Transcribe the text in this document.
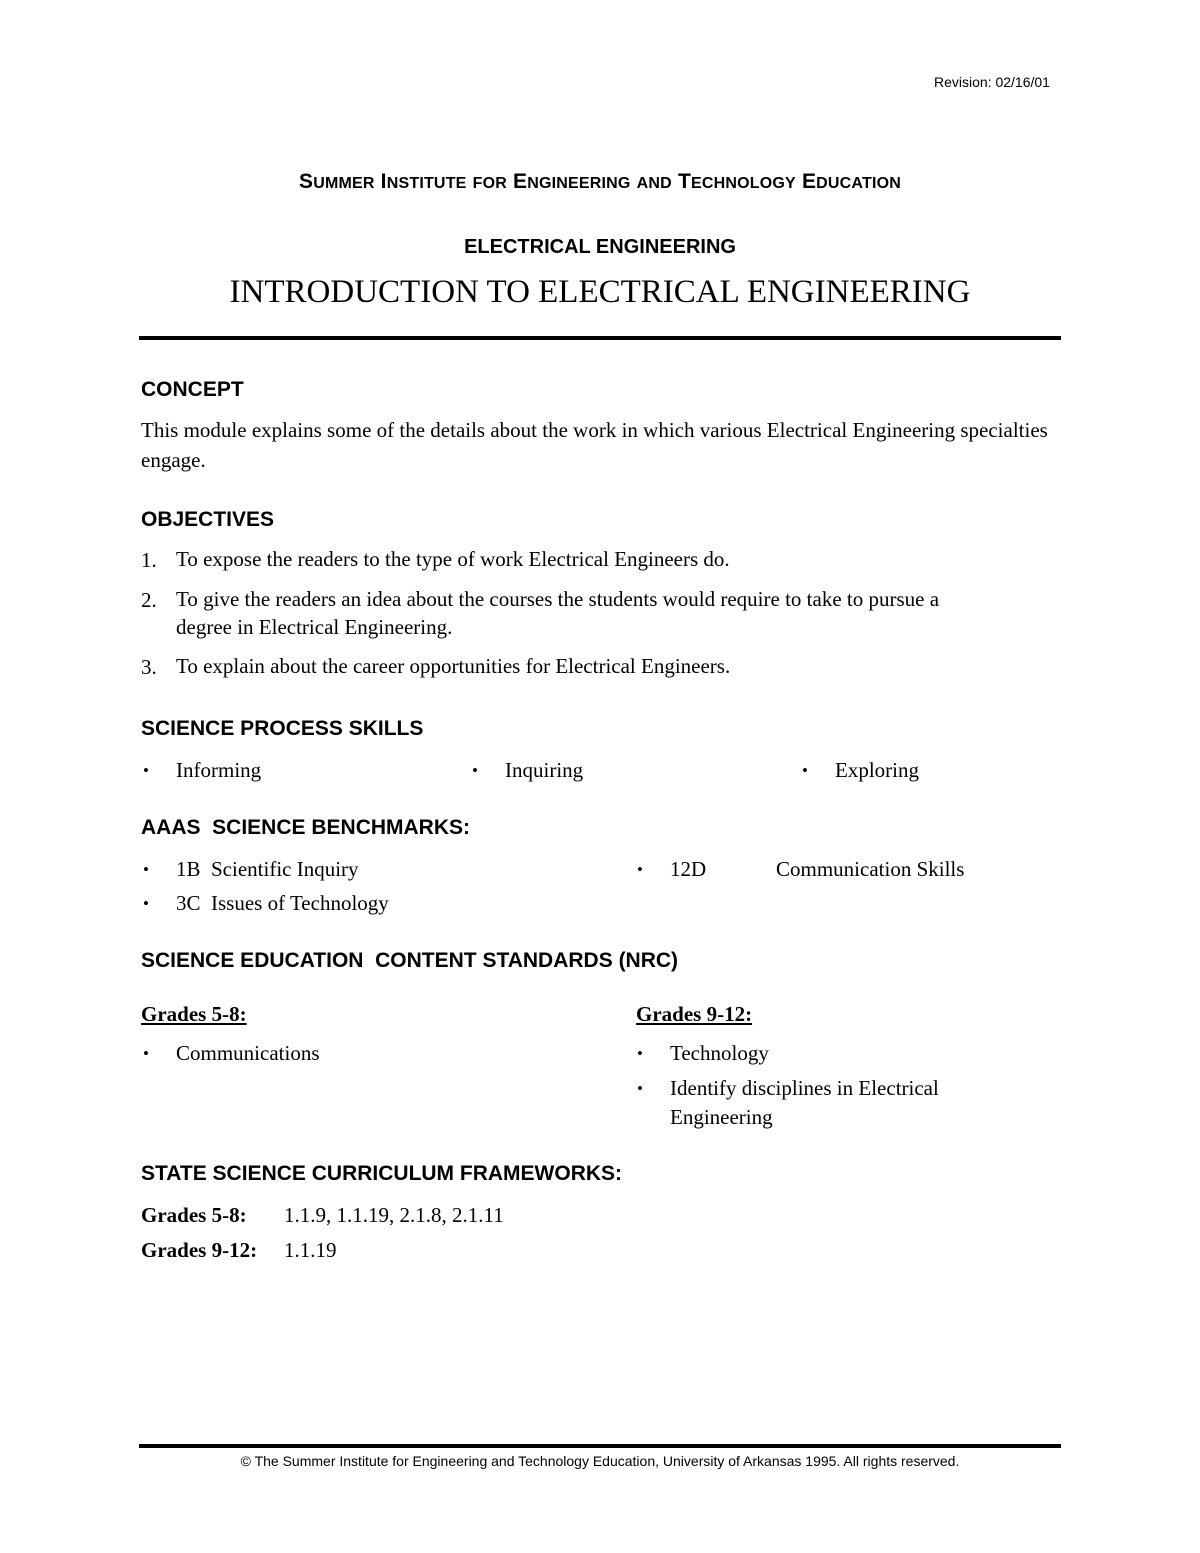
Revision: 02/16/01
SUMMER INSTITUTE FOR ENGINEERING AND TECHNOLOGY EDUCATION
ELECTRICAL ENGINEERING
INTRODUCTION TO ELECTRICAL ENGINEERING
CONCEPT
This module explains some of the details about the work in which various Electrical Engineering specialties engage.
OBJECTIVES
1. To expose the readers to the type of work Electrical Engineers do.
2. To give the readers an idea about the courses the students would require to take to pursue a
degree in Electrical Engineering.
3. To explain about the career opportunities for Electrical Engineers.
SCIENCE PROCESS SKILLS
• Informing	• Inquiring	• Exploring
AAAS  SCIENCE BENCHMARKS:
• 1B Scientific Inquiry	• 12D	Communication Skills
• 3C Issues of Technology
SCIENCE EDUCATION  CONTENT STANDARDS (NRC)
Grades 5-8:
• Communications
Grades 9-12:
• Technology
• Identify disciplines in Electrical
Engineering
STATE SCIENCE CURRICULUM FRAMEWORKS:
Grades 5-8: 1.1.9, 1.1.19, 2.1.8, 2.1.11
Grades 9-12: 1.1.19
© The Summer Institute for Engineering and Technology Education, University of Arkansas 1995. All rights reserved.
